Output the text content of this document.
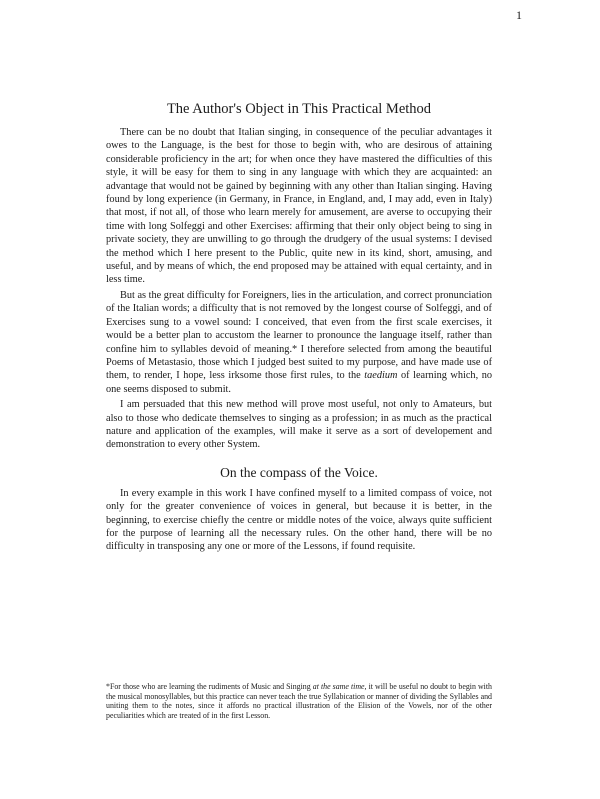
1
The Author's Object in This Practical Method

There can be no doubt that Italian singing, in consequence of the peculiar advantages it owes to the Language, is the best for those to begin with, who are desirous of attaining considerable proficiency in the art; for when once they have mastered the difficulties of this style, it will be easy for them to sing in any language with which they are acquainted: an advantage that would not be gained by beginning with any other than Italian singing. Having found by long experience (in Germany, in France, in England, and, I may add, even in Italy) that most, if not all, of those who learn merely for amusement, are averse to occupying their time with long Solfeggi and other Exercises: affirming that their only object being to sing in private society, they are unwilling to go through the drudgery of the usual systems: I devised the method which I here present to the Public, quite new in its kind, short, amusing, and useful, and by means of which, the end proposed may be attained with equal certainty, and in less time.

But as the great difficulty for Foreigners, lies in the articulation, and correct pronunciation of the Italian words; a difficulty that is not removed by the longest course of Solfeggi, and of Exercises sung to a vowel sound: I conceived, that even from the first scale exercises, it would be a better plan to accustom the learner to pronounce the language itself, rather than confine him to syllables devoid of meaning.* I therefore selected from among the beautiful Poems of Metastasio, those which I judged best suited to my purpose, and have made use of them, to render, I hope, less irksome those first rules, to the taedium of learning which, no one seems disposed to submit.

I am persuaded that this new method will prove most useful, not only to Amateurs, but also to those who dedicate themselves to singing as a profession; in as much as the practical nature and application of the examples, will make it serve as a sort of developement and demonstration to every other System.

On the compass of the Voice.

In every example in this work I have confined myself to a limited compass of voice, not only for the greater convenience of voices in general, but because it is better, in the beginning, to exercise chiefly the centre or middle notes of the voice, always quite sufficient for the purpose of learning all the necessary rules. On the other hand, there will be no difficulty in transposing any one or more of the Lessons, if found requisite.

*For those who are learning the rudiments of Music and Singing at the same time, it will be useful no doubt to begin with the musical monosyllables, but this practice can never teach the true Syllabication or manner of dividing the Syllables and uniting them to the notes, since it affords no practical illustration of the Elision of the Vowels, nor of the other peculiarities which are treated of in the first Lesson.
